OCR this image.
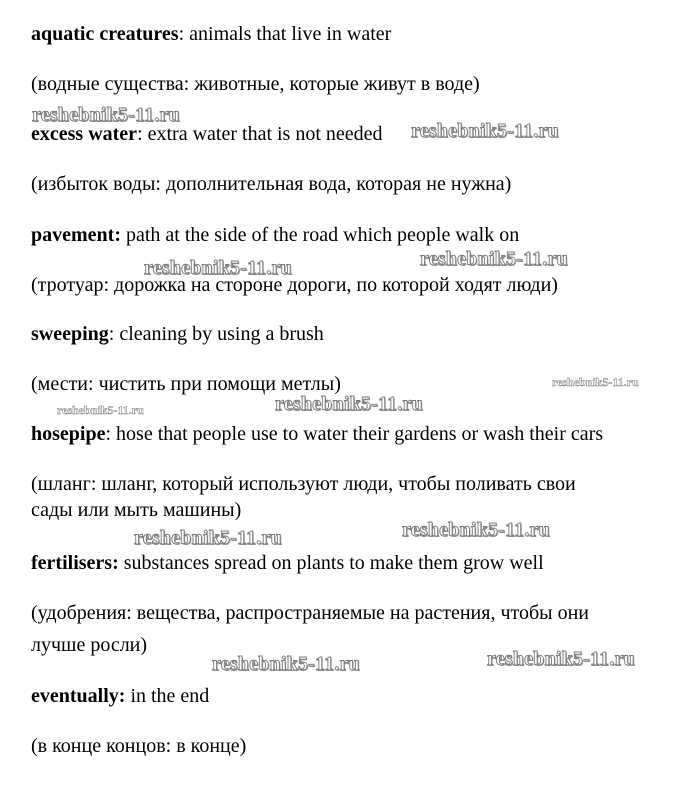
aquatic creatures: animals that live in water

(водные существа: животные, которые живут в воде)

excess water: extra water that is not needed

(избыток воды: дополнительная вода, которая не нужна)

pavement: path at the side of the road which people walk on

(тротуар: дорожка на стороне дороги, по которой ходят люди)

sweeping: cleaning by using a brush

(мести: чистить при помощи метлы)

hosepipe: hose that people use to water their gardens or wash their cars

(шланг: шланг, который используют люди, чтобы поливать свои

сады или мыть машины)

fertilisers: substances spread on plants to make them grow well

(удобрения: вещества, распространяемые на растения, чтобы они

лучше росли)

eventually: in the end

(в конце концов: в конце)

reshebnik5-11.ru
reshebnik5-11.ru
reshebnik5-11.ru
reshebnik5-11.ru
reshebnik5-11.ru
reshebnik5-11.ru
reshebnik5-11.ru
reshebnik5-11.ru
reshebnik5-11.ru
reshebnik5-11.ru
reshebnik5-11.ru
